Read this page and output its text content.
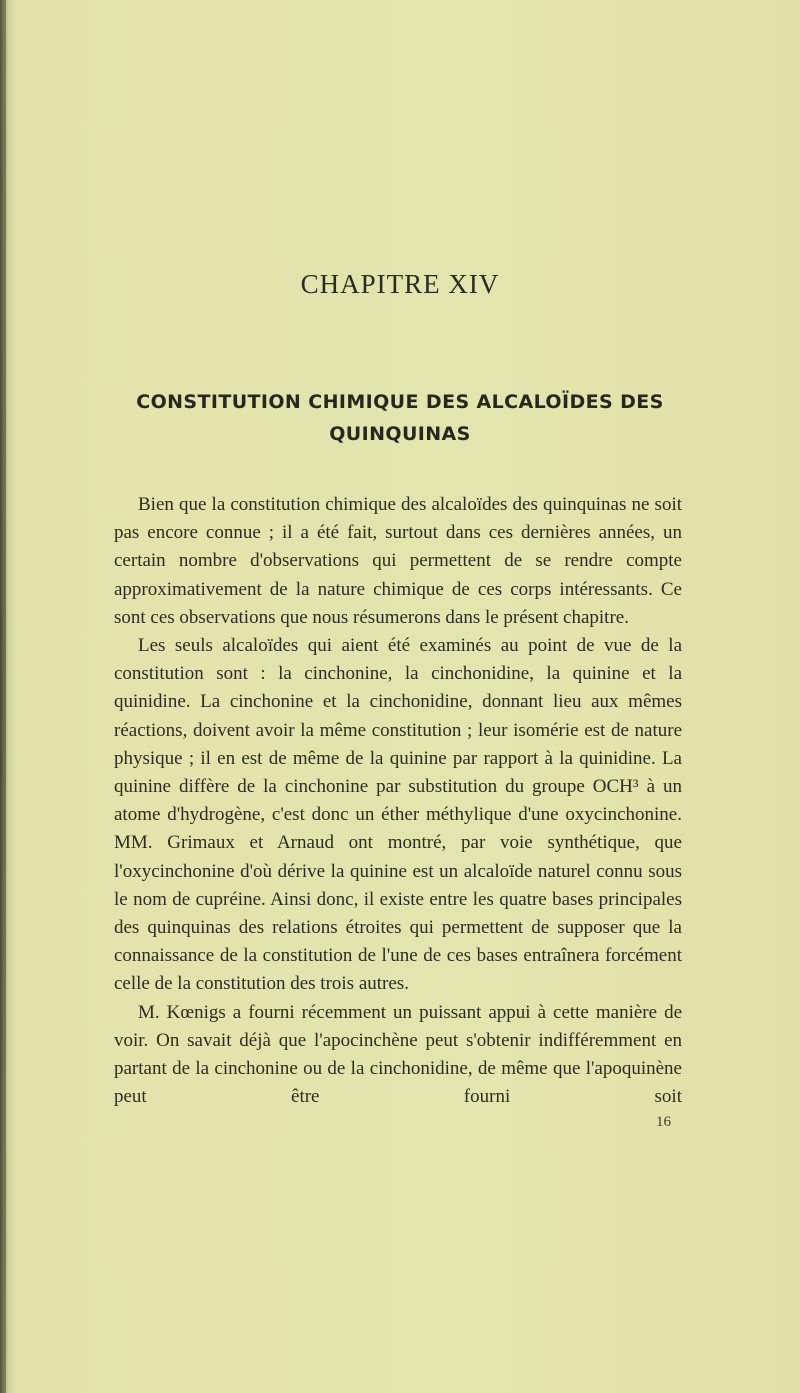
CHAPITRE XIV
CONSTITUTION CHIMIQUE DES ALCALOÏDES DES
QUINQUINAS

Bien que la constitution chimique des alcaloïdes des quinquinas ne soit pas encore connue ; il a été fait, surtout dans ces dernières années, un certain nombre d'observations qui permettent de se rendre compte approximativement de la nature chimique de ces corps intéressants. Ce sont ces observations que nous résumerons dans le présent chapitre.

Les seuls alcaloïdes qui aient été examinés au point de vue de la constitution sont : la cinchonine, la cinchonidine, la quinine et la quinidine. La cinchonine et la cinchonidine, donnant lieu aux mêmes réactions, doivent avoir la même constitution ; leur isomérie est de nature physique ; il en est de même de la quinine par rapport à la quinidine. La quinine diffère de la cinchonine par substitution du groupe OCH³ à un atome d'hydrogène, c'est donc un éther méthylique d'une oxycinchonine. MM. Grimaux et Arnaud ont montré, par voie synthétique, que l'oxycinchonine d'où dérive la quinine est un alcaloïde naturel connu sous le nom de cupréine. Ainsi donc, il existe entre les quatre bases principales des quinquinas des relations étroites qui permettent de supposer que la connaissance de la constitution de l'une de ces bases entraînera forcément celle de la constitution des trois autres.

M. Kœnigs a fourni récemment un puissant appui à cette manière de voir. On savait déjà que l'apocinchène peut s'obtenir indifféremment en partant de la cinchonine ou de la cinchonidine, de même que l'apoquinène peut être fourni soit

16
